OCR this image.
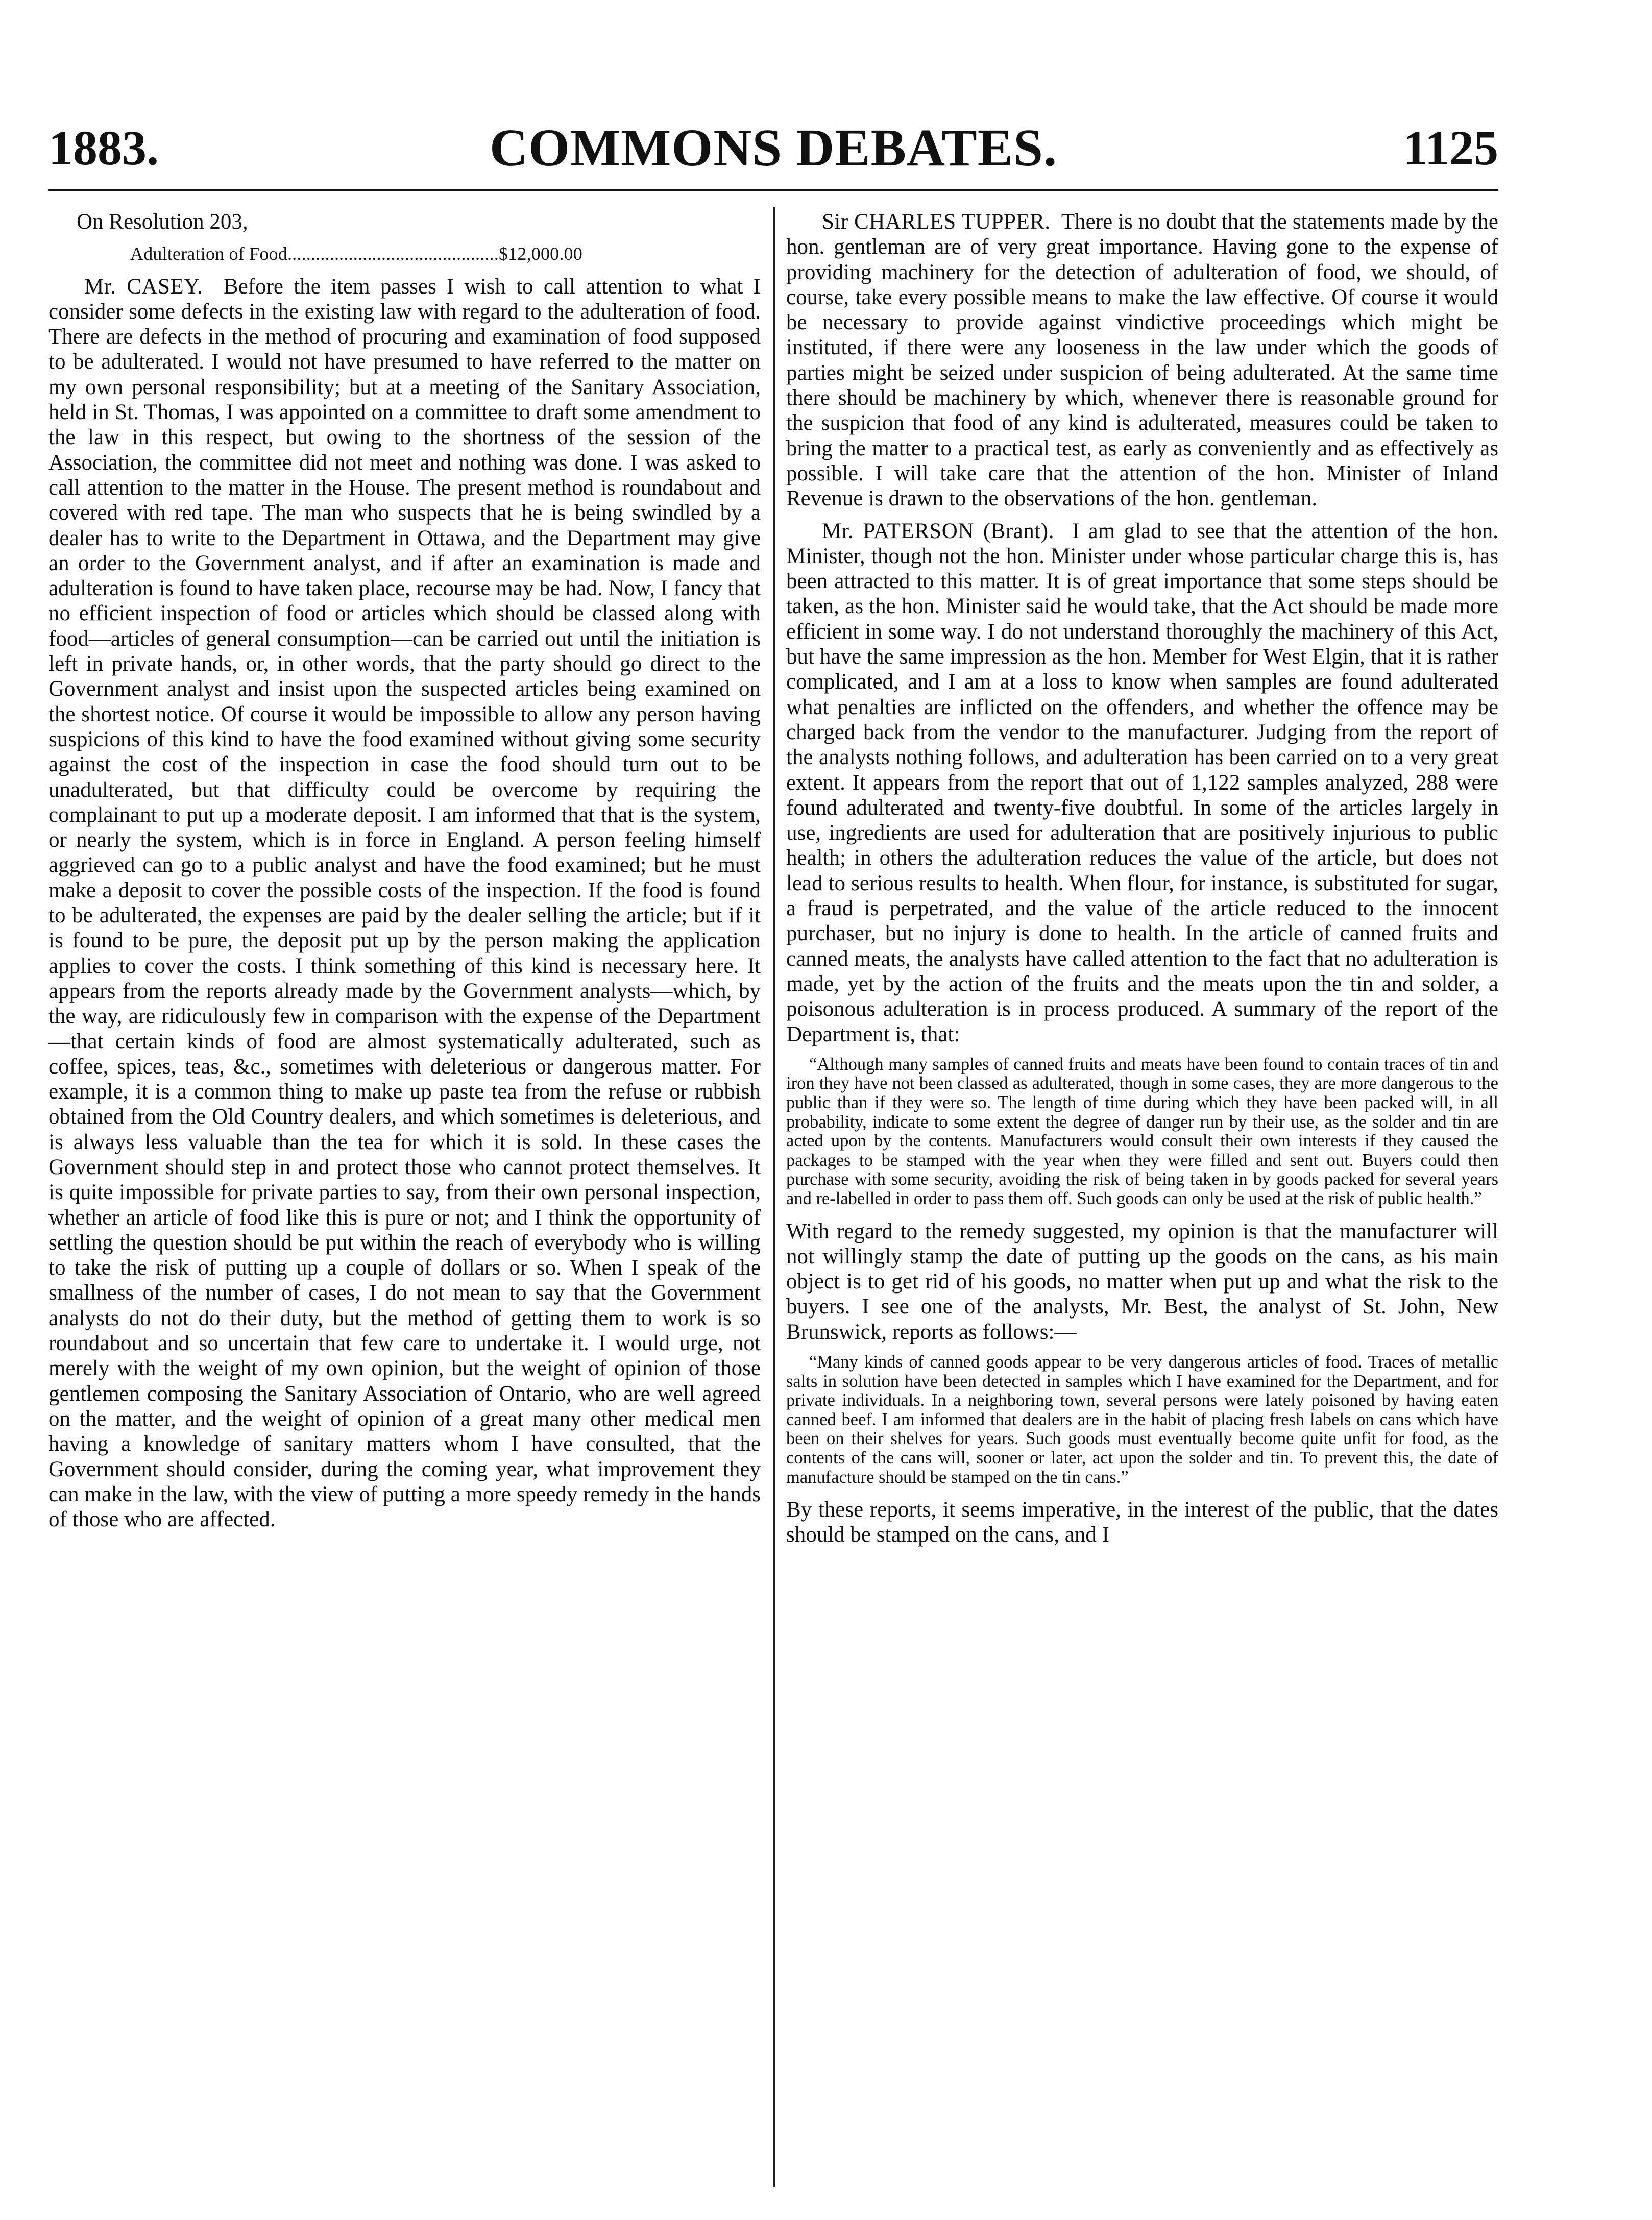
COMMONS DEBATES.
1883.	1125

On Resolution 203,

Adulteration of Food.............................................$12,000.00

Mr. CASEY. Before the item passes I wish to call attention to what I consider some defects in the existing law with regard to the adulteration of food. There are defects in the method of procuring and examination of food supposed to be adulterated. I would not have presumed to have referred to the matter on my own personal responsibility; but at a meeting of the Sanitary Association, held in St. Thomas, I was appointed on a committee to draft some amendment to the law in this respect, but owing to the shortness of the session of the Association, the committee did not meet and nothing was done. I was asked to call attention to the matter in the House. The present method is roundabout and covered with red tape. The man who suspects that he is being swindled by a dealer has to write to the Department in Ottawa, and the Department may give an order to the Government analyst, and if after an examination is made and adulteration is found to have taken place, recourse may be had. Now, I fancy that no efficient inspection of food or articles which should be classed along with food—articles of general consumption—can be carried out until the initiation is left in private hands, or, in other words, that the party should go direct to the Government analyst and insist upon the suspected articles being examined on the shortest notice. Of course it would be impossible to allow any person having suspicions of this kind to have the food examined without giving some security against the cost of the inspection in case the food should turn out to be unadulterated, but that difficulty could be overcome by requiring the complainant to put up a moderate deposit. I am informed that that is the system, or nearly the system, which is in force in England. A person feeling himself aggrieved can go to a public analyst and have the food examined; but he must make a deposit to cover the possible costs of the inspection. If the food is found to be adulterated, the expenses are paid by the dealer selling the article; but if it is found to be pure, the deposit put up by the person making the application applies to cover the costs. I think something of this kind is necessary here. It appears from the reports already made by the Government analysts—which, by the way, are ridiculously few in comparison with the expense of the Department—that certain kinds of food are almost systematically adulterated, such as coffee, spices, teas, &c., sometimes with deleterious or dangerous matter. For example, it is a common thing to make up paste tea from the refuse or rubbish obtained from the Old Country dealers, and which sometimes is deleterious, and is always less valuable than the tea for which it is sold. In these cases the Government should step in and protect those who cannot protect themselves. It is quite impossible for private parties to say, from their own personal inspection, whether an article of food like this is pure or not; and I think the opportunity of settling the question should be put within the reach of everybody who is willing to take the risk of putting up a couple of dollars or so. When I speak of the smallness of the number of cases, I do not mean to say that the Government analysts do not do their duty, but the method of getting them to work is so roundabout and so uncertain that few care to undertake it. I would urge, not merely with the weight of my own opinion, but the weight of opinion of those gentlemen composing the Sanitary Association of Ontario, who are well agreed on the matter, and the weight of opinion of a great many other medical men having a knowledge of sanitary matters whom I have consulted, that the Government should consider, during the coming year, what improvement they can make in the law, with the view of putting a more speedy remedy in the hands of those who are affected.

Sir CHARLES TUPPER. There is no doubt that the statements made by the hon. gentleman are of very great importance. Having gone to the expense of providing machinery for the detection of adulteration of food, we should, of course, take every possible means to make the law effective. Of course it would be necessary to provide against vindictive proceedings which might be instituted, if there were any looseness in the law under which the goods of parties might be seized under suspicion of being adulterated. At the same time there should be machinery by which, whenever there is reasonable ground for the suspicion that food of any kind is adulterated, measures could be taken to bring the matter to a practical test, as early as conveniently and as effectively as possible. I will take care that the attention of the hon. Minister of Inland Revenue is drawn to the observations of the hon. gentleman.

Mr. PATERSON (Brant). I am glad to see that the attention of the hon. Minister, though not the hon. Minister under whose particular charge this is, has been attracted to this matter. It is of great importance that some steps should be taken, as the hon. Minister said he would take, that the Act should be made more efficient in some way. I do not understand thoroughly the machinery of this Act, but have the same impression as the hon. Member for West Elgin, that it is rather complicated, and I am at a loss to know when samples are found adulterated what penalties are inflicted on the offenders, and whether the offence may be charged back from the vendor to the manufacturer. Judging from the report of the analysts nothing follows, and adulteration has been carried on to a very great extent. It appears from the report that out of 1,122 samples analyzed, 288 were found adulterated and twenty-five doubtful. In some of the articles largely in use, ingredients are used for adulteration that are positively injurious to public health; in others the adulteration reduces the value of the article, but does not lead to serious results to health. When flour, for instance, is substituted for sugar, a fraud is perpetrated, and the value of the article reduced to the innocent purchaser, but no injury is done to health. In the article of canned fruits and canned meats, the analysts have called attention to the fact that no adulteration is made, yet by the action of the fruits and the meats upon the tin and solder, a poisonous adulteration is in process produced. A summary of the report of the Department is, that:

“Although many samples of canned fruits and meats have been found to contain traces of tin and iron they have not been classed as adulterated, though in some cases, they are more dangerous to the public than if they were so. The length of time during which they have been packed will, in all probability, indicate to some extent the degree of danger run by their use, as the solder and tin are acted upon by the contents. Manufacturers would consult their own interests if they caused the packages to be stamped with the year when they were filled and sent out. Buyers could then purchase with some security, avoiding the risk of being taken in by goods packed for several years and re-labelled in order to pass them off. Such goods can only be used at the risk of public health.”

With regard to the remedy suggested, my opinion is that the manufacturer will not willingly stamp the date of putting up the goods on the cans, as his main object is to get rid of his goods, no matter when put up and what the risk to the buyers. I see one of the analysts, Mr. Best, the analyst of St. John, New Brunswick, reports as follows:—

“Many kinds of canned goods appear to be very dangerous articles of food. Traces of metallic salts in solution have been detected in samples which I have examined for the Department, and for private individuals. In a neighboring town, several persons were lately poisoned by having eaten canned beef. I am informed that dealers are in the habit of placing fresh labels on cans which have been on their shelves for years. Such goods must eventually become quite unfit for food, as the contents of the cans will, sooner or later, act upon the solder and tin. To prevent this, the date of manufacture should be stamped on the tin cans.”

By these reports, it seems imperative, in the interest of the public, that the dates should be stamped on the cans, and I
